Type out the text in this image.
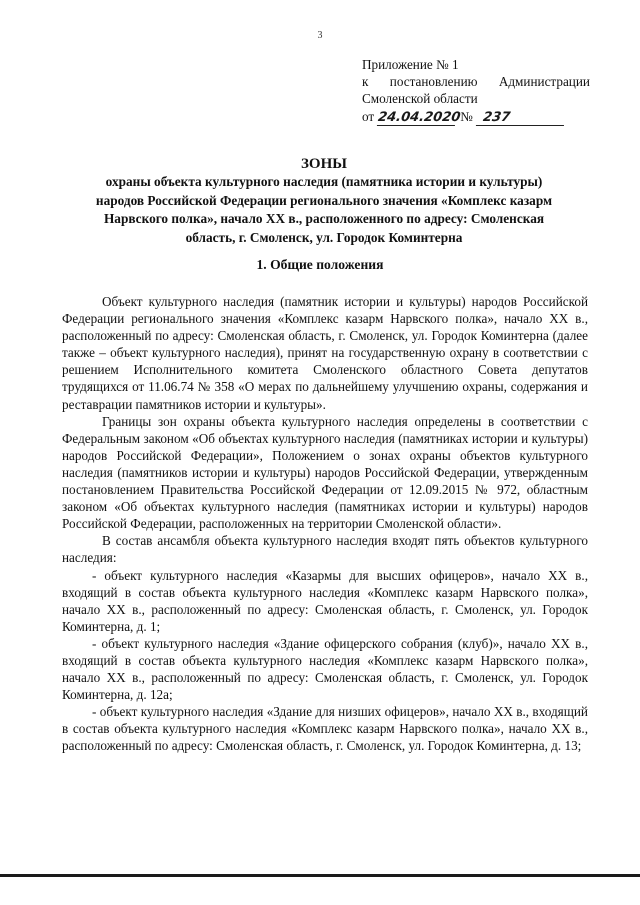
3
Приложение № 1
к постановлению Администрации
Смоленской области
от 24.04.2020
№ 237
ЗОНЫ
охраны объекта культурного наследия (памятника истории и культуры)
народов Российской Федерации регионального значения «Комплекс казарм
Нарвского полка», начало XX в., расположенного по адресу: Смоленская
область, г. Смоленск, ул. Городок Коминтерна
1. Общие положения

Объект культурного наследия (памятник истории и культуры) народов Российской Федерации регионального значения «Комплекс казарм Нарвского полка», начало XX в., расположенный по адресу: Смоленская область, г. Смоленск, ул. Городок Коминтерна (далее также – объект культурного наследия), принят на государственную охрану в соответствии с решением Исполнительного комитета Смоленского областного Совета депутатов трудящихся от 11.06.74 № 358 «О мерах по дальнейшему улучшению охраны, содержания и реставрации памятников истории и культуры».

Границы зон охраны объекта культурного наследия определены в соответствии с Федеральным законом «Об объектах культурного наследия (памятниках истории и культуры) народов Российской Федерации», Положением о зонах охраны объектов культурного наследия (памятников истории и культуры) народов Российской Федерации, утвержденным постановлением Правительства Российской Федерации от 12.09.2015 № 972, областным законом «Об объектах культурного наследия (памятниках истории и культуры) народов Российской Федерации, расположенных на территории Смоленской области».

В состав ансамбля объекта культурного наследия входят пять объектов культурного наследия:

- объект культурного наследия «Казармы для высших офицеров», начало XX в., входящий в состав объекта культурного наследия «Комплекс казарм Нарвского полка», начало XX в., расположенный по адресу: Смоленская область, г. Смоленск, ул. Городок Коминтерна, д. 1;

- объект культурного наследия «Здание офицерского собрания (клуб)», начало XX в., входящий в состав объекта культурного наследия «Комплекс казарм Нарвского полка», начало XX в., расположенный по адресу: Смоленская область, г. Смоленск, ул. Городок Коминтерна, д. 12а;

- объект культурного наследия «Здание для низших офицеров», начало XX в., входящий в состав объекта культурного наследия «Комплекс казарм Нарвского полка», начало XX в., расположенный по адресу: Смоленская область, г. Смоленск, ул. Городок Коминтерна, д. 13;
